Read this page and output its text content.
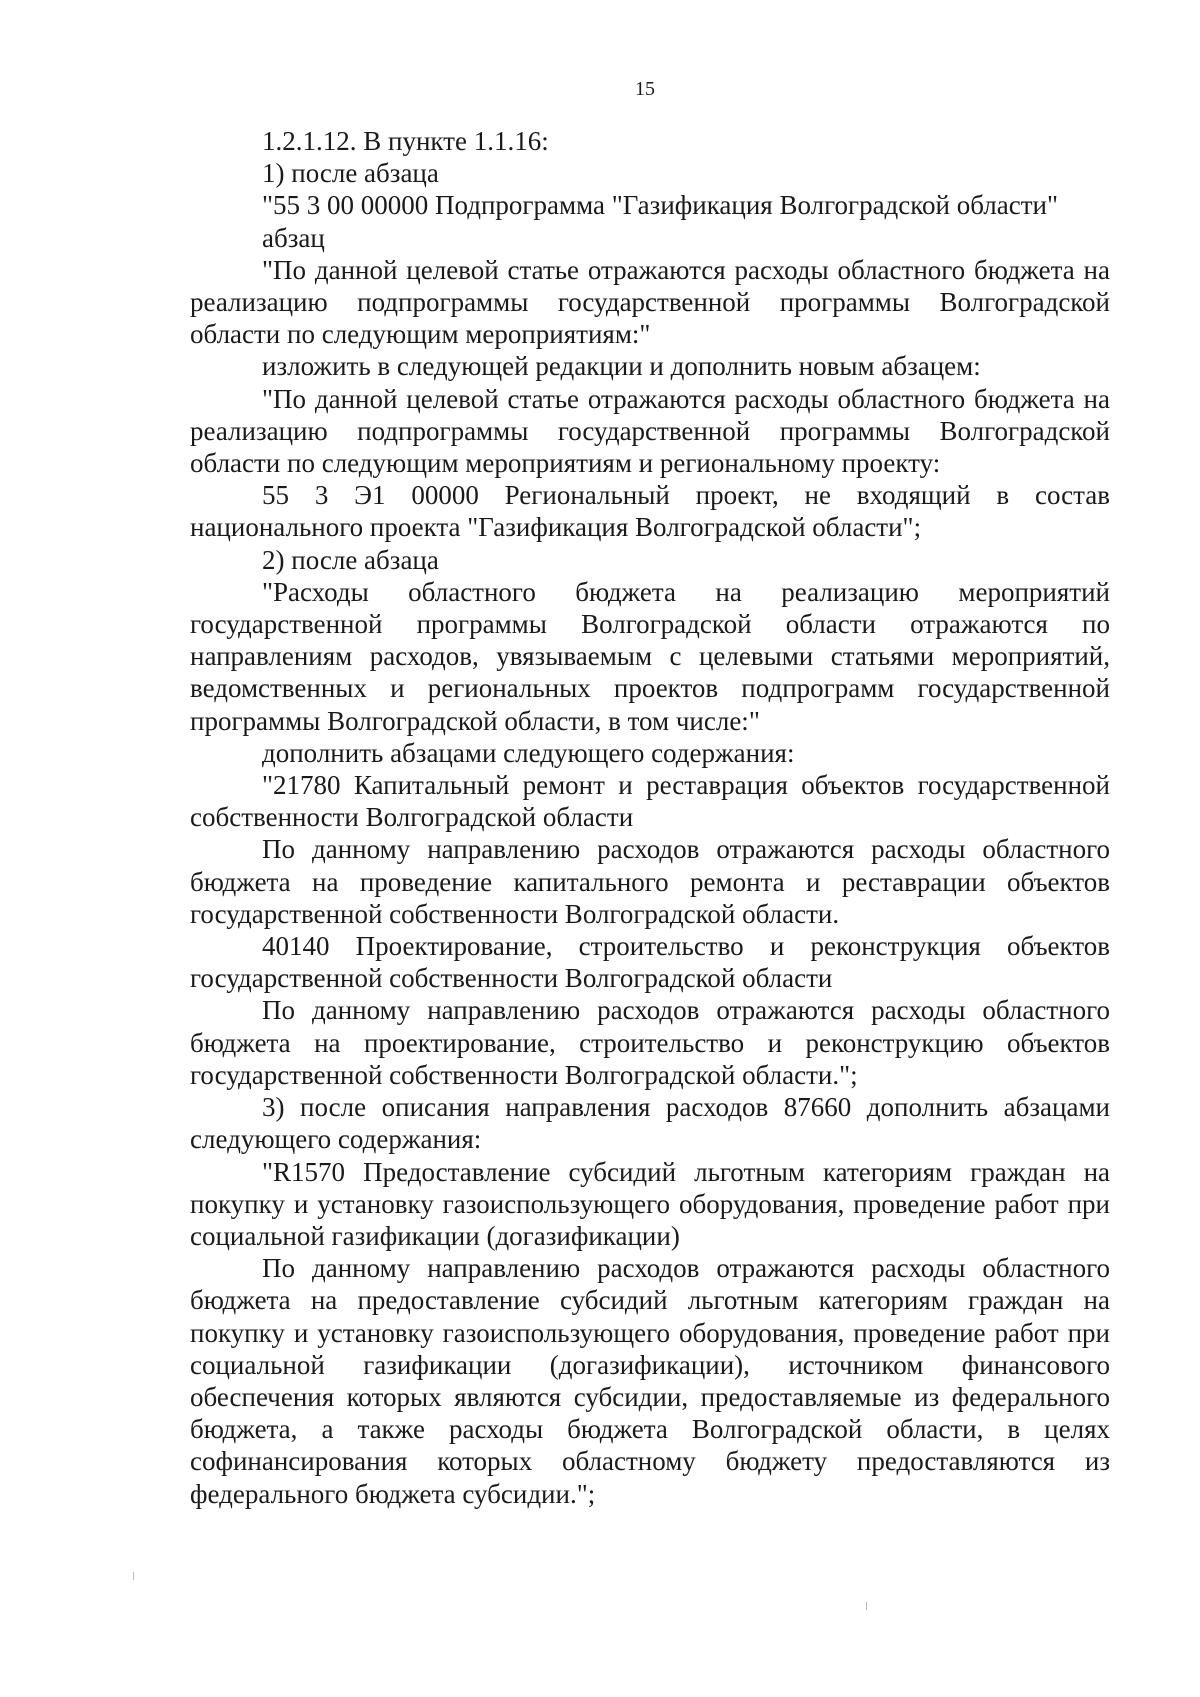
15

1.2.1.12. В пункте 1.1.16:

1) после абзаца

"55 3 00 00000 Подпрограмма "Газификация Волгоградской области"

абзац

"По данной целевой статье отражаются расходы областного бюджета на реализацию подпрограммы государственной программы Волгоградской области по следующим мероприятиям:"

изложить в следующей редакции и дополнить новым абзацем:

"По данной целевой статье отражаются расходы областного бюджета на реализацию подпрограммы государственной программы Волгоградской области по следующим мероприятиям и региональному проекту:

55 3 Э1 00000 Региональный проект, не входящий в состав национального проекта "Газификация Волгоградской области";

2) после абзаца

"Расходы областного бюджета на реализацию мероприятий государственной программы Волгоградской области отражаются по направлениям расходов, увязываемым с целевыми статьями мероприятий, ведомственных и региональных проектов подпрограмм государственной программы Волгоградской области, в том числе:"

дополнить абзацами следующего содержания:

"21780 Капитальный ремонт и реставрация объектов государственной собственности Волгоградской области

По данному направлению расходов отражаются расходы областного бюджета на проведение капитального ремонта и реставрации объектов государственной собственности Волгоградской области.

40140 Проектирование, строительство и реконструкция объектов государственной собственности Волгоградской области

По данному направлению расходов отражаются расходы областного бюджета на проектирование, строительство и реконструкцию объектов государственной собственности Волгоградской области.";

3) после описания направления расходов 87660 дополнить абзацами следующего содержания:

"R1570 Предоставление субсидий льготным категориям граждан на покупку и установку газоиспользующего оборудования, проведение работ при социальной газификации (догазификации)

По данному направлению расходов отражаются расходы областного бюджета на предоставление субсидий льготным категориям граждан на покупку и установку газоиспользующего оборудования, проведение работ при социальной газификации (догазификации), источником финансового обеспечения которых являются субсидии, предоставляемые из федерального бюджета, а также расходы бюджета Волгоградской области, в целях софинансирования которых областному бюджету предоставляются из федерального бюджета субсидии.";
